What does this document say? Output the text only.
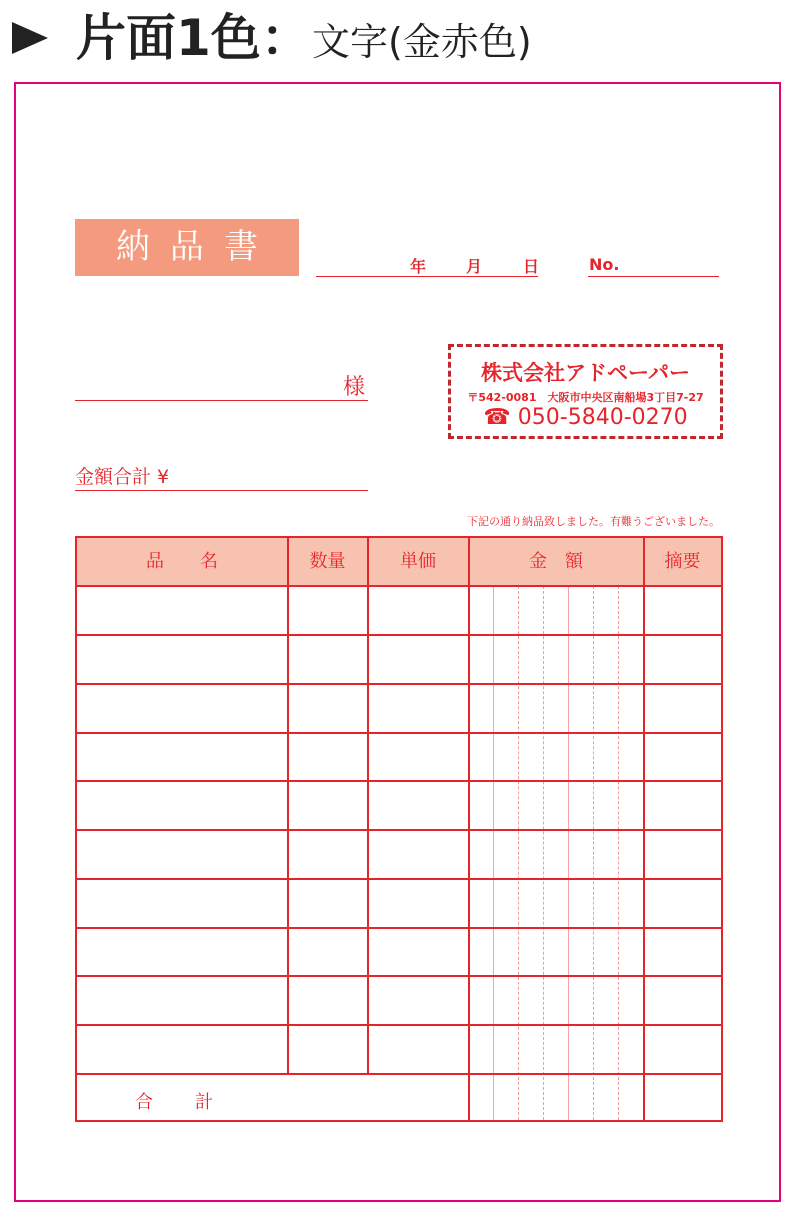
片面1色： 文字(金赤色)
納品書	年 月	日	No.
様
株式会社アドペーパー
〒542-0081　大阪市中央区南船場3丁目7-27
☎ 050-5840-0270
金額合計 ¥
下記の通り納品致しました。有難うございました。
品　　名	数量	単価	金　額	摘要
合 計
